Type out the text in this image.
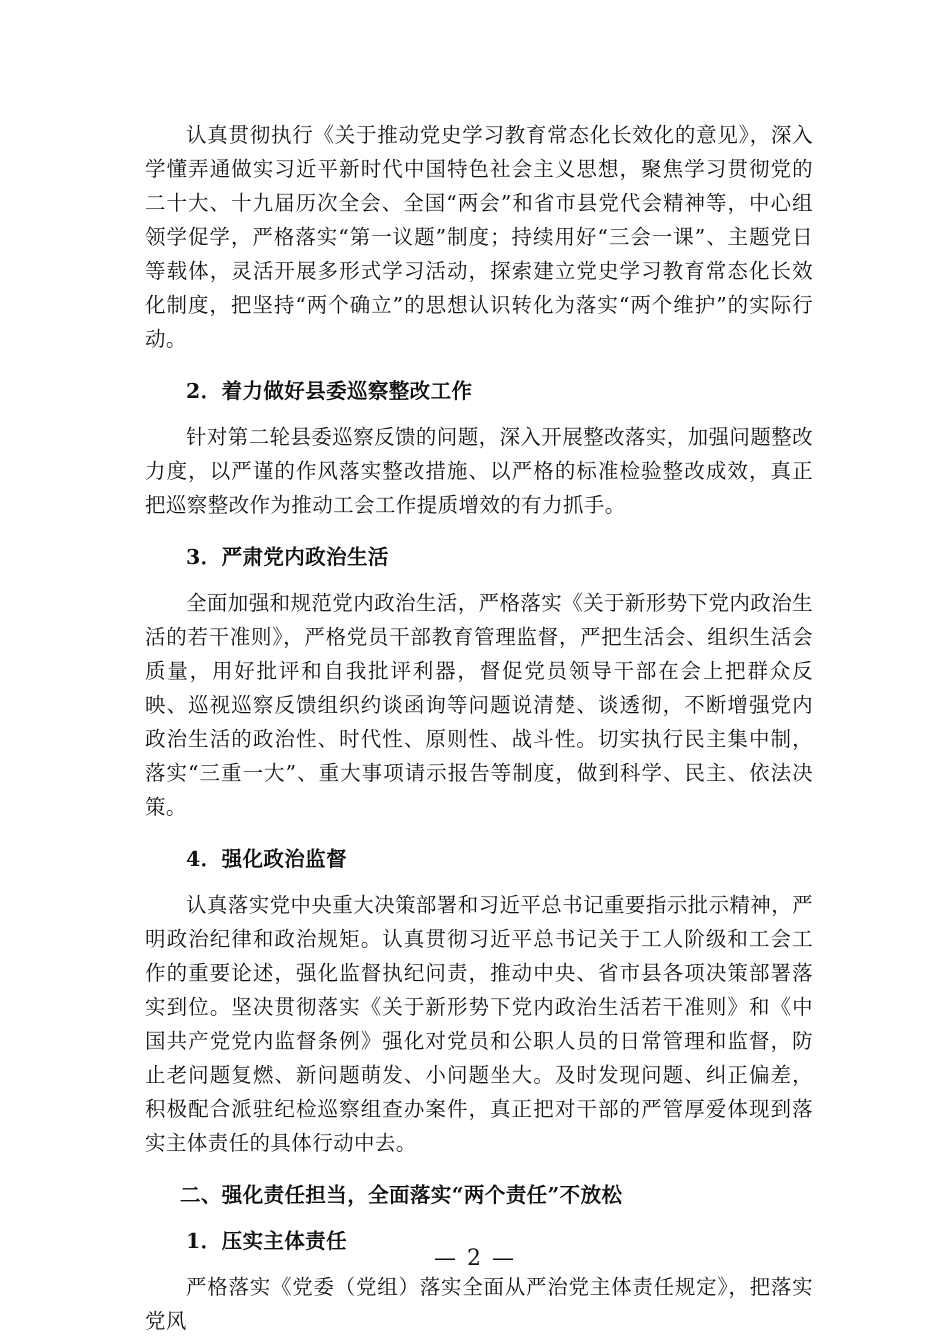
认真贯彻执行《关于推动党史学习教育常态化长效化的意见》，深入学懂弄通做实习近平新时代中国特色社会主义思想，聚焦学习贯彻党的二十大、十九届历次全会、全国“两会”和省市县党代会精神等，中心组领学促学，严格落实“第一议题”制度；持续用好“三会一课”、主题党日等载体，灵活开展多形式学习活动，探索建立党史学习教育常态化长效化制度，把坚持“两个确立”的思想认识转化为落实“两个维护”的实际行动。

2．着力做好县委巡察整改工作

针对第二轮县委巡察反馈的问题，深入开展整改落实，加强问题整改力度，以严谨的作风落实整改措施、以严格的标准检验整改成效，真正把巡察整改作为推动工会工作提质增效的有力抓手。

3．严肃党内政治生活

全面加强和规范党内政治生活，严格落实《关于新形势下党内政治生活的若干准则》，严格党员干部教育管理监督，严把生活会、组织生活会质量，用好批评和自我批评利器，督促党员领导干部在会上把群众反映、巡视巡察反馈组织约谈函询等问题说清楚、谈透彻，不断增强党内政治生活的政治性、时代性、原则性、战斗性。切实执行民主集中制，落实“三重一大”、重大事项请示报告等制度，做到科学、民主、依法决策。

4．强化政治监督

认真落实党中央重大决策部署和习近平总书记重要指示批示精神，严明政治纪律和政治规矩。认真贯彻习近平总书记关于工人阶级和工会工作的重要论述，强化监督执纪问责，推动中央、省市县各项决策部署落实到位。坚决贯彻落实《关于新形势下党内政治生活若干准则》和《中国共产党党内监督条例》强化对党员和公职人员的日常管理和监督，防止老问题复燃、新问题萌发、小问题坐大。及时发现问题、纠正偏差，积极配合派驻纪检巡察组查办案件，真正把对干部的严管厚爱体现到落实主体责任的具体行动中去。

二、强化责任担当，全面落实“两个责任”不放松

1．压实主体责任

严格落实《党委（党组）落实全面从严治党主体责任规定》，把落实党风

— 2 —
